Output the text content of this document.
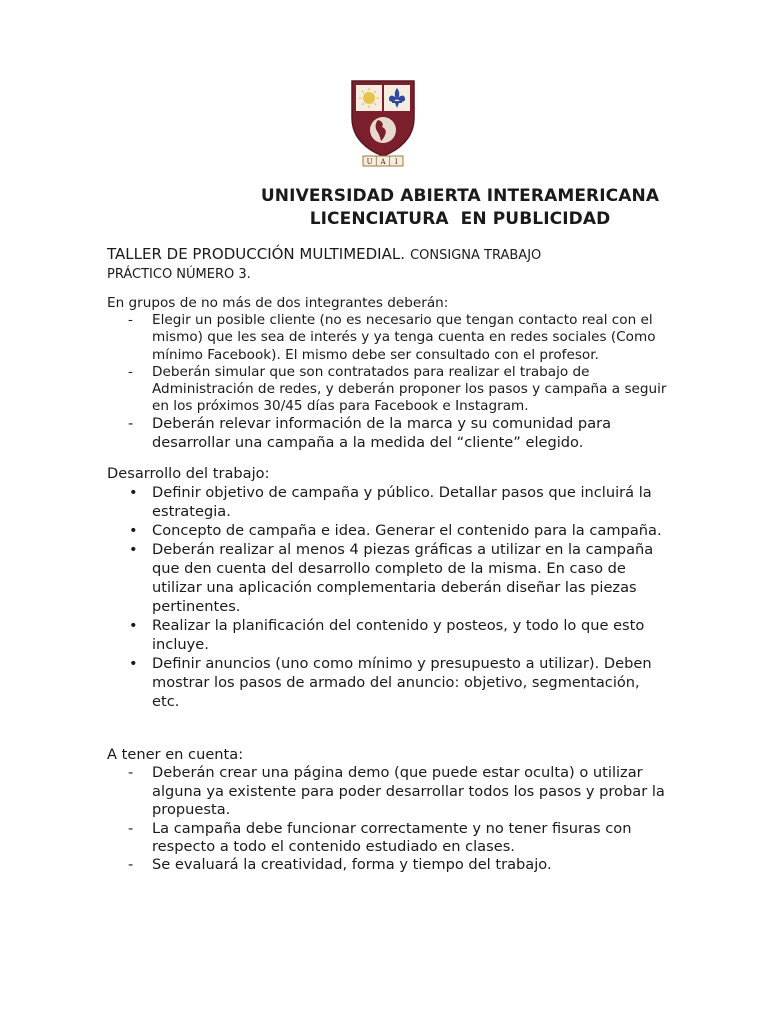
U A I
UNIVERSIDAD ABIERTA INTERAMERICANA
LICENCIATURA  EN PUBLICIDAD

TALLER DE PRODUCCIÓN MULTIMEDIAL. CONSIGNA TRABAJO
PRÁCTICO NÚMERO 3.

En grupos de no más de dos integrantes deberán:
- Elegir un posible cliente (no es necesario que tengan contacto real con el mismo) que les sea de interés y ya tenga cuenta en redes sociales (Como mínimo Facebook). El mismo debe ser consultado con el profesor.
- Deberán simular que son contratados para realizar el trabajo de Administración de redes, y deberán proponer los pasos y campaña a seguir en los próximos 30/45 días para Facebook e Instagram.
- Deberán relevar información de la marca y su comunidad para desarrollar una campaña a la medida del “cliente” elegido.
Desarrollo del trabajo:
• Definir objetivo de campaña y público. Detallar pasos que incluirá la estrategia.
• Concepto de campaña e idea. Generar el contenido para la campaña.
• Deberán realizar al menos 4 piezas gráficas a utilizar en la campaña que den cuenta del desarrollo completo de la misma. En caso de utilizar una aplicación complementaria deberán diseñar las piezas pertinentes.
• Realizar la planificación del contenido y posteos, y todo lo que esto incluye.
• Definir anuncios (uno como mínimo y presupuesto a utilizar). Deben mostrar los pasos de armado del anuncio: objetivo, segmentación, etc.
A tener en cuenta:
- Deberán crear una página demo (que puede estar oculta) o utilizar alguna ya existente para poder desarrollar todos los pasos y probar la propuesta.
- La campaña debe funcionar correctamente y no tener fisuras con respecto a todo el contenido estudiado en clases.
- Se evaluará la creatividad, forma y tiempo del trabajo.
